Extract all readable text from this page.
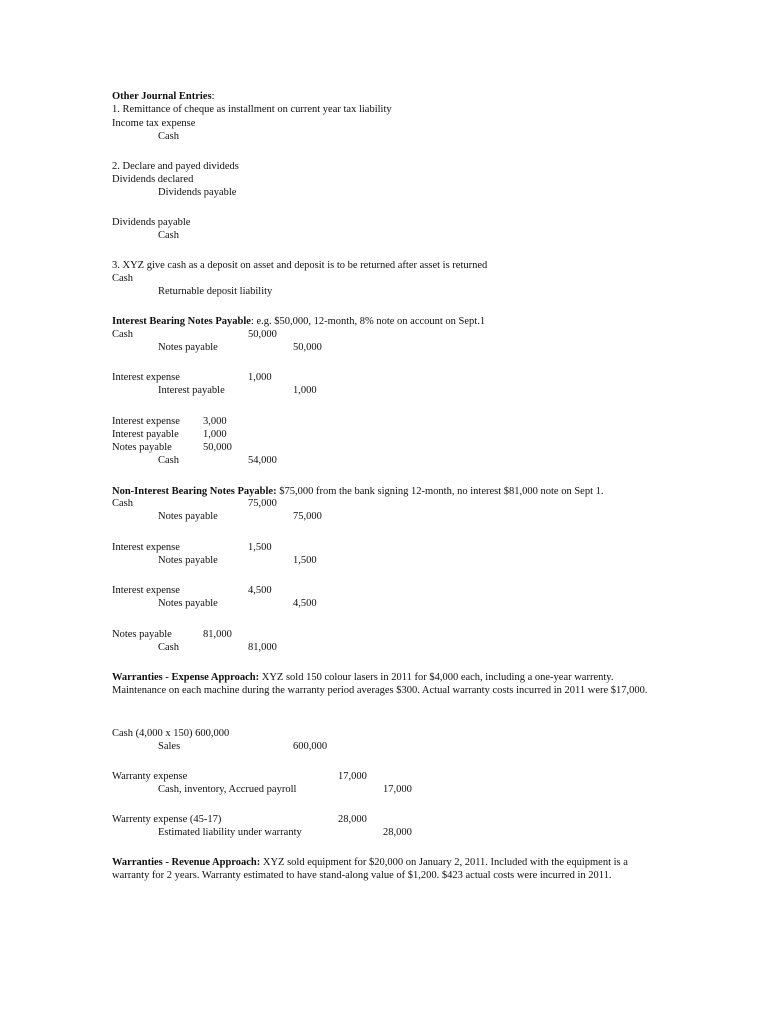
Other Journal Entries:
1. Remittance of cheque as installment on current year tax liability
Income tax expense
Cash
2. Declare and payed divideds
Dividends declared
Dividends payable
Dividends payable
Cash
3. XYZ give cash as a deposit on asset and deposit is to be returned after asset is returned
Cash
Returnable deposit liability
Interest Bearing Notes Payable: e.g. $50,000, 12-month, 8% note on account on Sept.1
Cash	50,000
Notes payable	50,000
Interest expense	1,000
Interest payable	1,000
Interest expense 3,000
Interest payable 1,000
Notes payable	50,000
Cash	54,000
Non-Interest Bearing Notes Payable: $75,000 from the bank signing 12-month, no interest $81,000 note on Sept 1.
Cash	75,000
Notes payable	75,000
Interest expense	1,500
Notes payable	1,500
Interest expense	4,500
Notes payable	4,500
Notes payable	81,000
Cash	81,000
Warranties - Expense Approach: XYZ sold 150 colour lasers in 2011 for $4,000 each, including a one-year warrenty. Maintenance on each machine during the warranty period averages $300. Actual warranty costs incurred in 2011 were $17,000.
Cash (4,000 x 150) 600,000
Sales	600,000
Warranty expense	17,000
Cash, inventory, Accrued payroll	17,000
Warrenty expense (45-17)	28,000
Estimated liability under warranty	28,000
Warranties - Revenue Approach: XYZ sold equipment for $20,000 on January 2, 2011. Included with the equipment is a warranty for 2 years. Warranty estimated to have stand-along value of $1,200. $423 actual costs were incurred in 2011.
